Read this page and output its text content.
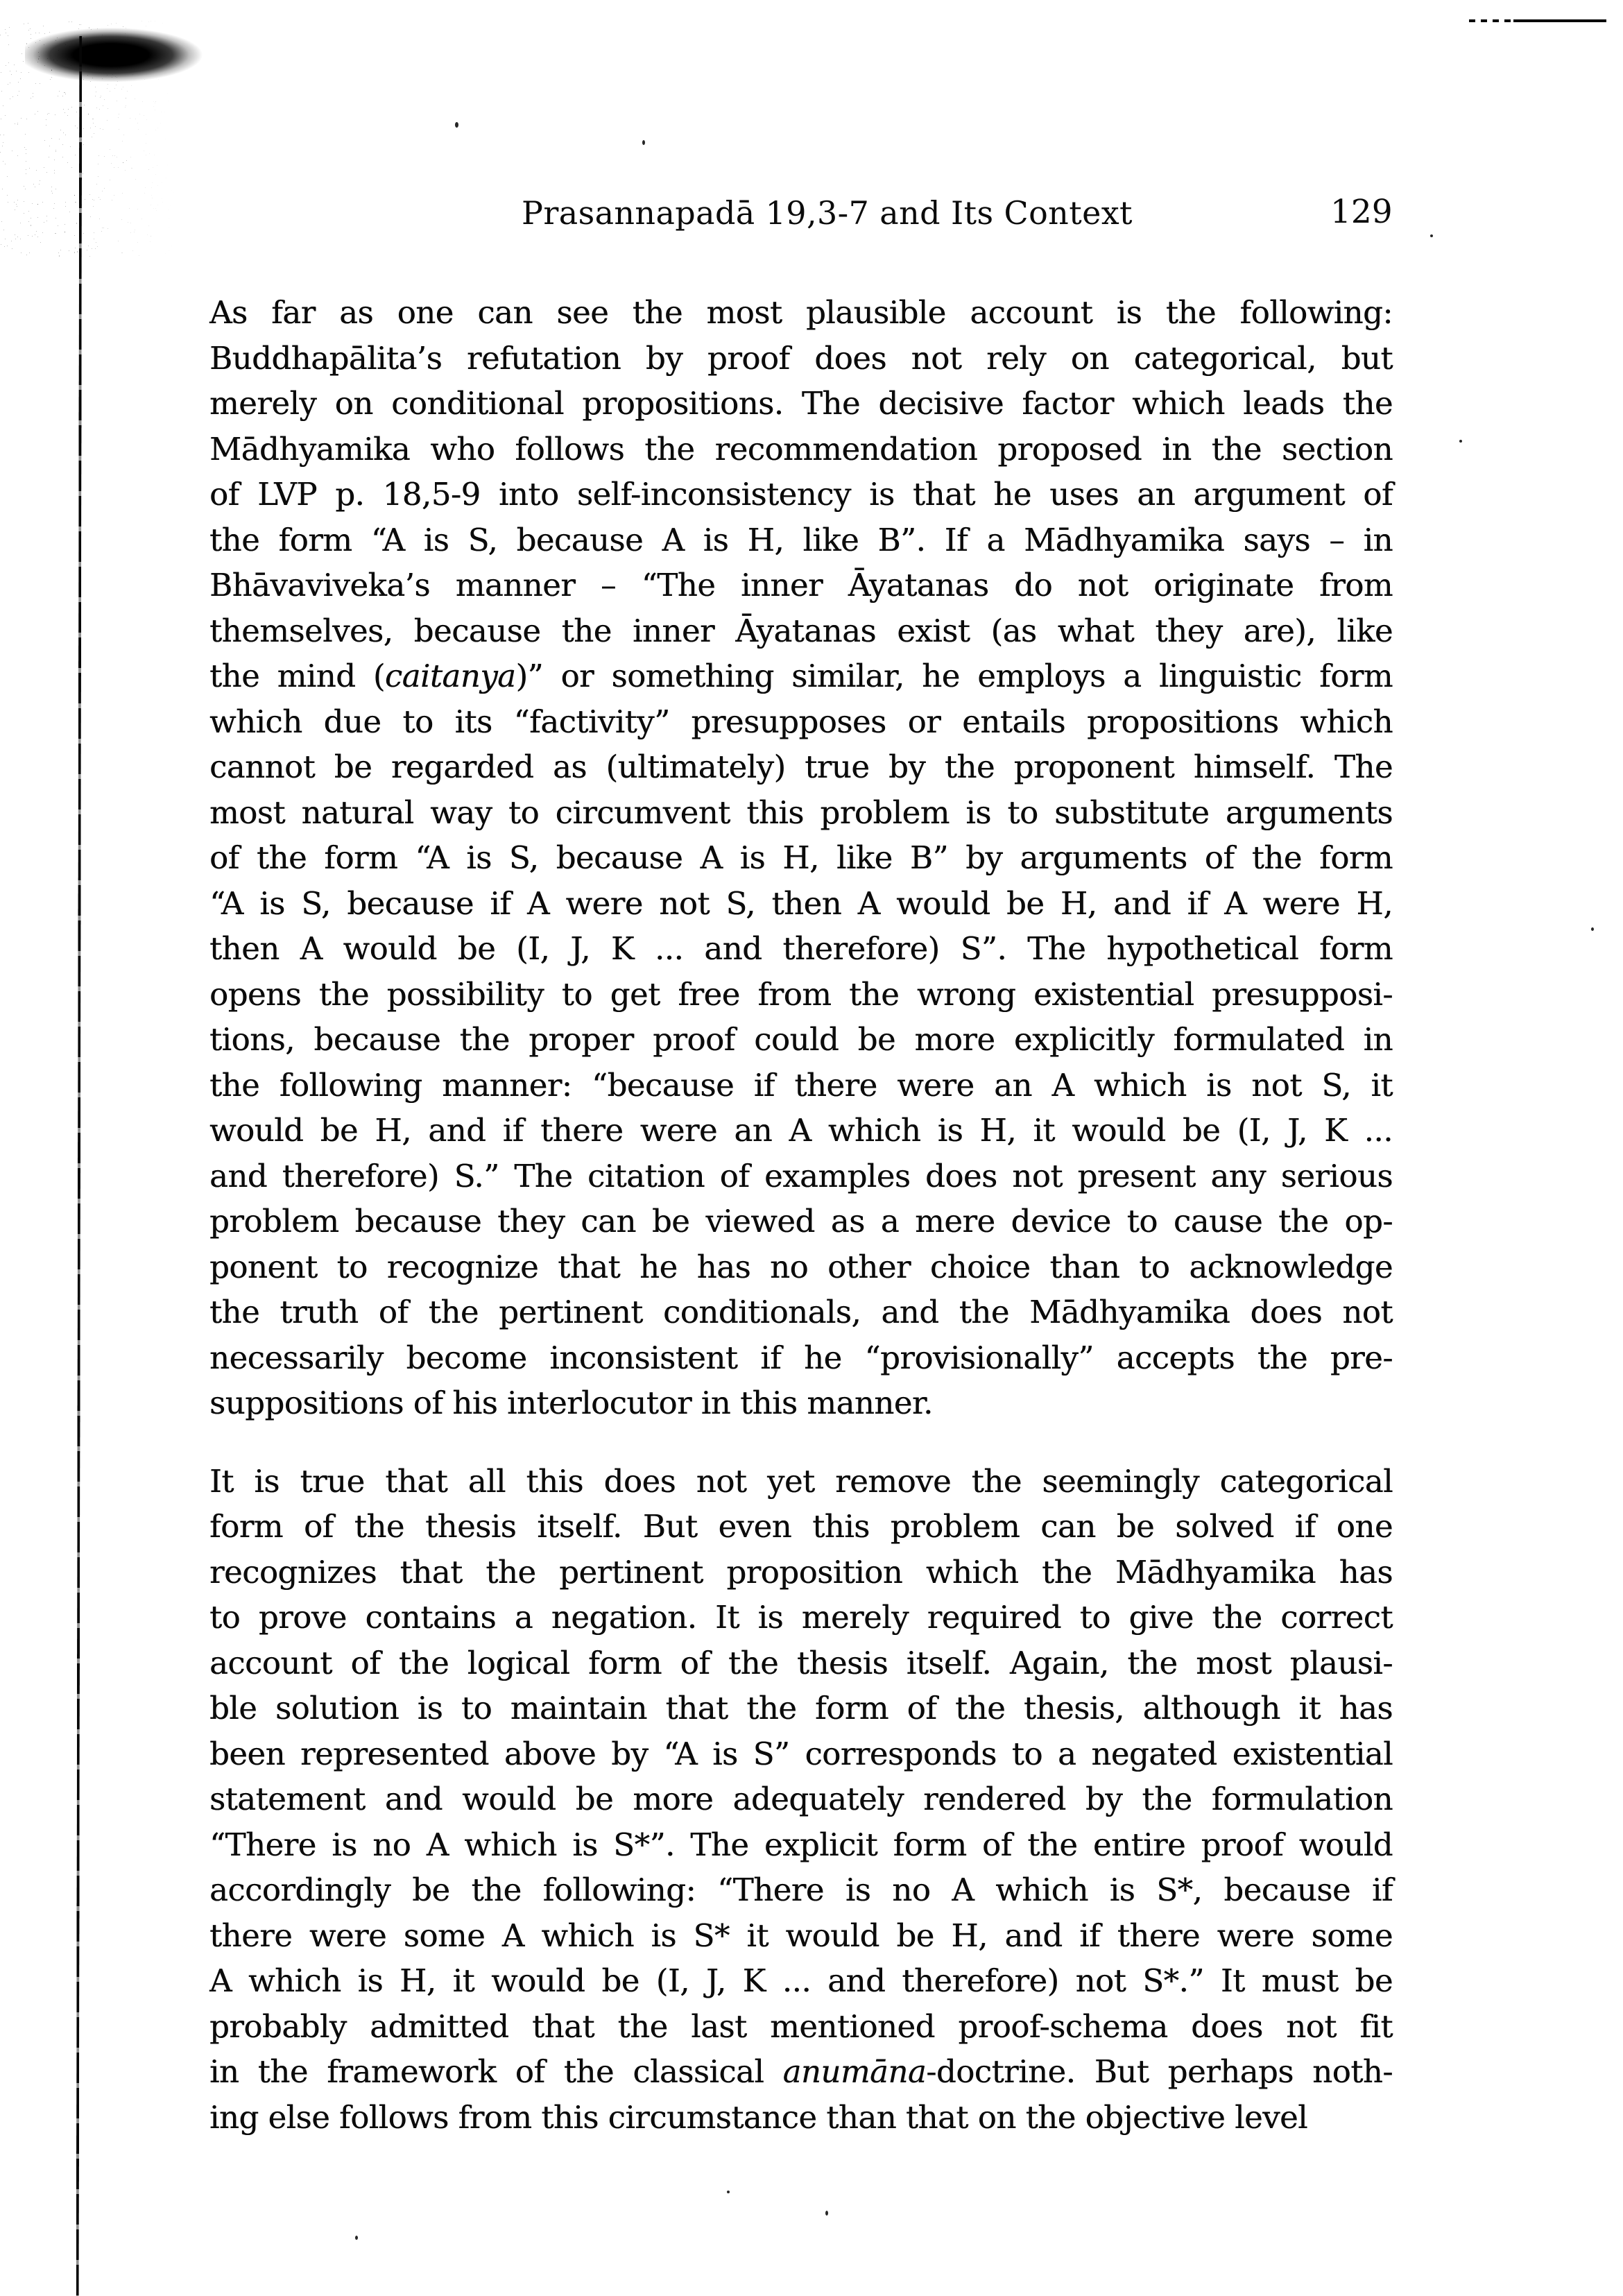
Prasannapadā 19,3-7 and Its Context	129
As far as one can see the most plausible account is the following:
Buddhapālita’s refutation by proof does not rely on categorical, but
merely on conditional propositions. The decisive factor which leads the
Mādhyamika who follows the recommendation proposed in the section
of LVP p. 18,5-9 into self-inconsistency is that he uses an argument of
the form “A is S, because A is H, like B”. If a Mādhyamika says – in
Bhāvaviveka’s manner – “The inner Āyatanas do not originate from
themselves, because the inner Āyatanas exist (as what they are), like
the mind (caitanya)” or something similar, he employs a linguistic form
which due to its “factivity” presupposes or entails propositions which
cannot be regarded as (ultimately) true by the proponent himself. The
most natural way to circumvent this problem is to substitute arguments
of the form “A is S, because A is H, like B” by arguments of the form
“A is S, because if A were not S, then A would be H, and if A were H,
then A would be (I, J, K ... and therefore) S”. The hypothetical form
opens the possibility to get free from the wrong existential presupposi-
tions, because the proper proof could be more explicitly formulated in
the following manner: “because if there were an A which is not S, it
would be H, and if there were an A which is H, it would be (I, J, K ...
and therefore) S.” The citation of examples does not present any serious
problem because they can be viewed as a mere device to cause the op-
ponent to recognize that he has no other choice than to acknowledge
the truth of the pertinent conditionals, and the Mādhyamika does not
necessarily become inconsistent if he “provisionally” accepts the pre-
suppositions of his interlocutor in this manner.
It is true that all this does not yet remove the seemingly categorical
form of the thesis itself. But even this problem can be solved if one
recognizes that the pertinent proposition which the Mādhyamika has
to prove contains a negation. It is merely required to give the correct
account of the logical form of the thesis itself. Again, the most plausi-
ble solution is to maintain that the form of the thesis, although it has
been represented above by “A is S” corresponds to a negated existential
statement and would be more adequately rendered by the formulation
“There is no A which is S*”. The explicit form of the entire proof would
accordingly be the following: “There is no A which is S*, because if
there were some A which is S* it would be H, and if there were some
A which is H, it would be (I, J, K ... and therefore) not S*.” It must be
probably admitted that the last mentioned proof-schema does not fit
in the framework of the classical anumāna-doctrine. But perhaps noth-
ing else follows from this circumstance than that on the objective level
